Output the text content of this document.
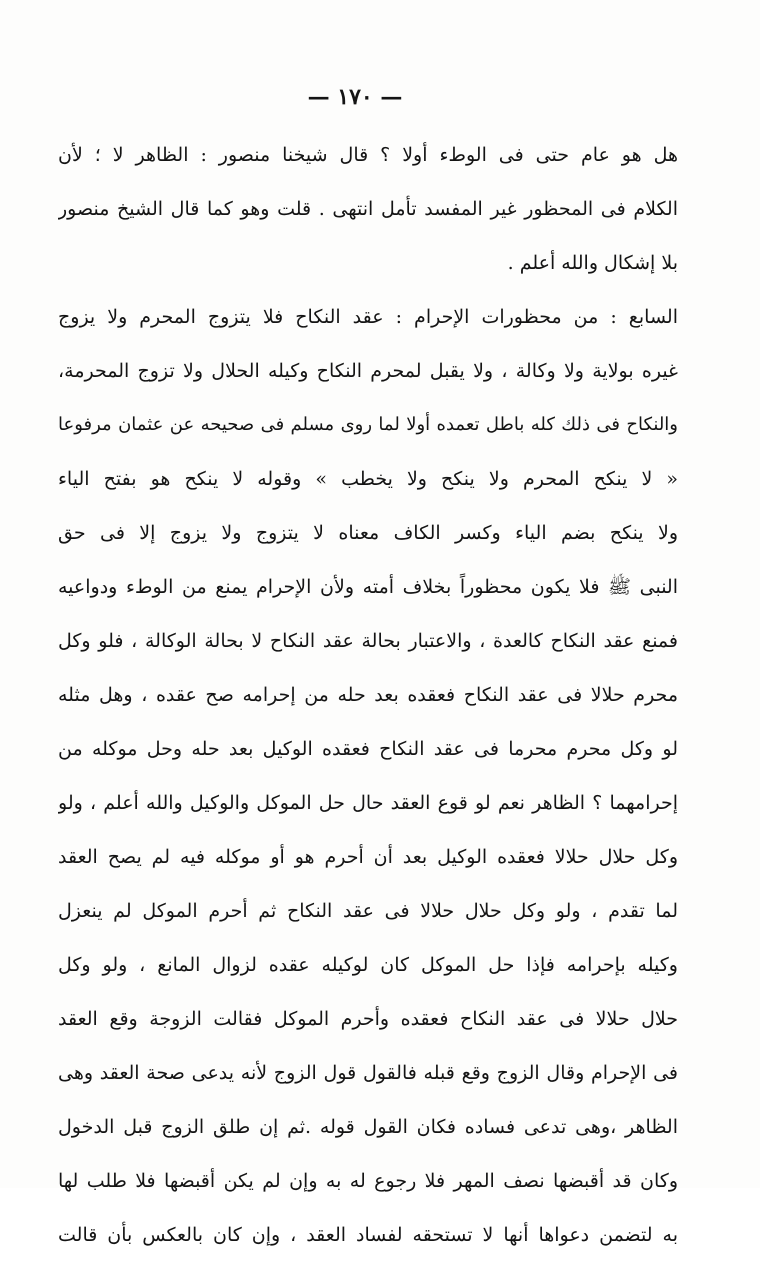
— ١٧٠ —
هل هو عام حتى فى الوطء أولا ؟ قال شيخنا منصور : الظاهر لا ؛ لأن
الكلام فى المحظور غير المفسد تأمل انتهى . قلت وهو كما قال الشيخ منصور
بلا إشكال والله أعلم .
السابع : من محظورات الإحرام : عقد النكاح فلا يتزوج المحرم ولا يزوج
غيره بولاية ولا وكالة ، ولا يقبل لمحرم النكاح وكيله الحلال ولا تزوج المحرمة،
والنكاح فى ذلك كله باطل تعمده أولا لما روى مسلم فى صحيحه عن عثمان مرفوعا
« لا ينكح المحرم ولا ينكح ولا يخطب » وقوله لا ينكح هو بفتح الياء
ولا ينكح بضم الياء وكسر الكاف معناه لا يتزوج ولا يزوج إلا فى حق
النبى ﷺ فلا يكون محظوراً بخلاف أمته ولأن الإحرام يمنع من الوطء ودواعيه
فمنع عقد النكاح كالعدة ، والاعتبار بحالة عقد النكاح لا بحالة الوكالة ، فلو وكل
محرم حلالا فى عقد النكاح فعقده بعد حله من إحرامه صح عقده ، وهل مثله
لو وكل محرم محرما فى عقد النكاح فعقده الوكيل بعد حله وحل موكله من
إحرامهما ؟ الظاهر نعم لو قوع العقد حال حل الموكل والوكيل والله أعلم ، ولو
وكل حلال حلالا فعقده الوكيل بعد أن أحرم هو أو موكله فيه لم يصح العقد
لما تقدم ، ولو وكل حلال حلالا فى عقد النكاح ثم أحرم الموكل لم ينعزل
وكيله بإحرامه فإذا حل الموكل كان لوكيله عقده لزوال المانع ، ولو وكل
حلال حلالا فى عقد النكاح فعقده وأحرم الموكل فقالت الزوجة وقع العقد
فى الإحرام وقال الزوج وقع قبله فالقول قول الزوج لأنه يدعى صحة العقد وهى
الظاهر ،وهى تدعى فساده فكان القول قوله .ثم إن طلق الزوج قبل الدخول
وكان قد أقبضها نصف المهر فلا رجوع له به وإن لم يكن أقبضها فلا طلب لها
به لتضمن دعواها أنها لا تستحقه لفساد العقد ، وإن كان بالعكس بأن قالت
